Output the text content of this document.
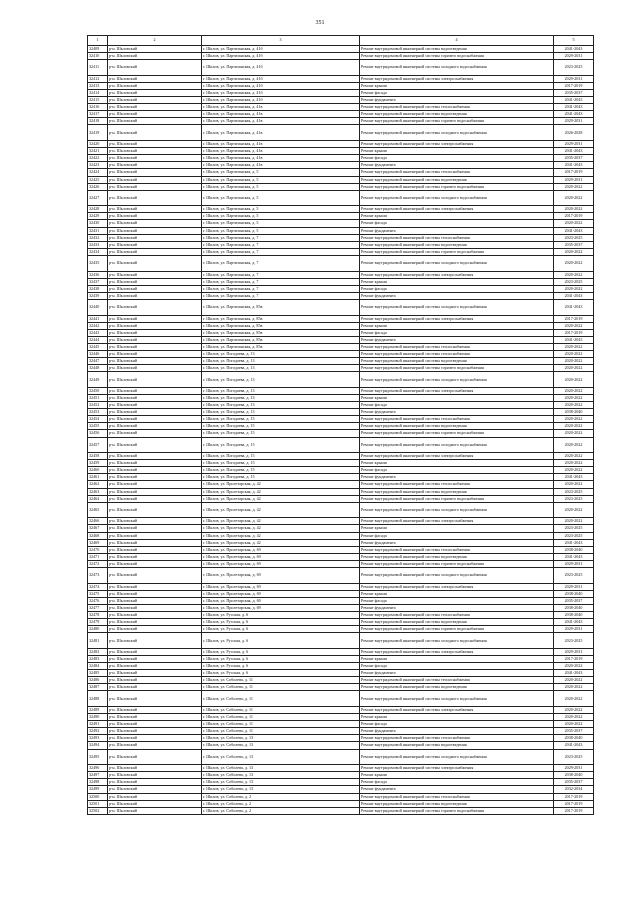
351
1	2	3	4	5
32409	р-н. Шкловский	г. Шклов, ул. Партизанская, д. 41б	Ремонт внутридомовой инженерной системы водоотведения	2041-2043
32410	р-н. Шкловский	г. Шклов, ул. Партизанская, д. 41б	Ремонт внутридомовой инженерной системы горячего водоснабжения	2029-2031
32411	р-н. Шкловский	г. Шклов, ул. Партизанская, д. 41б	Ремонт внутридомовой инженерной системы холодного водоснабжения	2023-2025
32412	р-н. Шкловский	г. Шклов, ул. Партизанская, д. 41б	Ремонт внутридомовой инженерной системы электроснабжения	2029-2031
32413	р-н. Шкловский	г. Шклов, ул. Партизанская, д. 41б	Ремонт крыши	2017-2019
32414	р-н. Шкловский	г. Шклов, ул. Партизанская, д. 41б	Ремонт фасада	2035-2037
32415	р-н. Шкловский	г. Шклов, ул. Партизанская, д. 41б	Ремонт фундамента	2041-2043
32416	р-н. Шкловский	г. Шклов, ул. Партизанская, д. 41в	Ремонт внутридомовой инженерной системы теплоснабжения	2041-2043
32417	р-н. Шкловский	г. Шклов, ул. Партизанская, д. 41в	Ремонт внутридомовой инженерной системы водоотведения	2041-2043
32418	р-н. Шкловский	г. Шклов, ул. Партизанская, д. 41в	Ремонт внутридомовой инженерной системы горячего водоснабжения	2029-2031
32419	р-н. Шкловский	г. Шклов, ул. Партизанская, д. 41в	Ремонт внутридомовой инженерной системы холодного водоснабжения	2026-2028
32420	р-н. Шкловский	г. Шклов, ул. Партизанская, д. 41в	Ремонт внутридомовой инженерной системы электроснабжения	2029-2031
32421	р-н. Шкловский	г. Шклов, ул. Партизанская, д. 41в	Ремонт крыши	2041-2043
32422	р-н. Шкловский	г. Шклов, ул. Партизанская, д. 41в	Ремонт фасада	2035-2037
32423	р-н. Шкловский	г. Шклов, ул. Партизанская, д. 41в	Ремонт фундамента	2041-2043
32424	р-н. Шкловский	г. Шклов, ул. Партизанская, д. 5	Ремонт внутридомовой инженерной системы теплоснабжения	2017-2019
32425	р-н. Шкловский	г. Шклов, ул. Партизанская, д. 5	Ремонт внутридомовой инженерной системы водоотведения	2029-2031
32426	р-н. Шкловский	г. Шклов, ул. Партизанская, д. 5	Ремонт внутридомовой инженерной системы горячего водоснабжения	2020-2022
32427	р-н. Шкловский	г. Шклов, ул. Партизанская, д. 5	Ремонт внутридомовой инженерной системы холодного водоснабжения	2020-2022
32428	р-н. Шкловский	г. Шклов, ул. Партизанская, д. 5	Ремонт внутридомовой инженерной системы электроснабжения	2020-2022
32429	р-н. Шкловский	г. Шклов, ул. Партизанская, д. 5	Ремонт крыши	2017-2019
32430	р-н. Шкловский	г. Шклов, ул. Партизанская, д. 5	Ремонт фасада	2020-2022
32431	р-н. Шкловский	г. Шклов, ул. Партизанская, д. 5	Ремонт фундамента	2041-2043
32432	р-н. Шкловский	г. Шклов, ул. Партизанская, д. 7	Ремонт внутридомовой инженерной системы теплоснабжения	2023-2025
32433	р-н. Шкловский	г. Шклов, ул. Партизанская, д. 7	Ремонт внутридомовой инженерной системы водоотведения	2035-2037
32434	р-н. Шкловский	г. Шклов, ул. Партизанская, д. 7	Ремонт внутридомовой инженерной системы горячего водоснабжения	2020-2022
32435	р-н. Шкловский	г. Шклов, ул. Партизанская, д. 7	Ремонт внутридомовой инженерной системы холодного водоснабжения	2020-2022
32436	р-н. Шкловский	г. Шклов, ул. Партизанская, д. 7	Ремонт внутридомовой инженерной системы электроснабжения	2020-2022
32437	р-н. Шкловский	г. Шклов, ул. Партизанская, д. 7	Ремонт крыши	2023-2025
32438	р-н. Шкловский	г. Шклов, ул. Партизанская, д. 7	Ремонт фасада	2020-2022
32439	р-н. Шкловский	г. Шклов, ул. Партизанская, д. 7	Ремонт фундамента	2041-2043
32440	р-н. Шкловский	г. Шклов, ул. Партизанская, д. 85в	Ремонт внутридомовой инженерной системы холодного водоснабжения	2041-2043
32441	р-н. Шкловский	г. Шклов, ул. Партизанская, д. 85в	Ремонт внутридомовой инженерной системы электроснабжения	2017-2019
32442	р-н. Шкловский	г. Шклов, ул. Партизанская, д. 85в	Ремонт крыши	2020-2022
32443	р-н. Шкловский	г. Шклов, ул. Партизанская, д. 85в	Ремонт фасада	2017-2019
32444	р-н. Шкловский	г. Шклов, ул. Партизанская, д. 85в	Ремонт фундамента	2041-2043
32445	р-н. Шкловский	г. Шклов, ул. Партизанская, д. 85в	Ремонт внутридомовой инженерной системы теплоснабжения	2020-2022
32446	р-н. Шкловский	г. Шклов, ул. Погодаева, д. 13	Ремонт внутридомовой инженерной системы теплоснабжения	2020-2022
32447	р-н. Шкловский	г. Шклов, ул. Погодаева, д. 13	Ремонт внутридомовой инженерной системы водоотведения	2020-2022
32448	р-н. Шкловский	г. Шклов, ул. Погодаева, д. 13	Ремонт внутридомовой инженерной системы горячего водоснабжения	2020-2022
32449	р-н. Шкловский	г. Шклов, ул. Погодаева, д. 13	Ремонт внутридомовой инженерной системы холодного водоснабжения	2020-2022
32450	р-н. Шкловский	г. Шклов, ул. Погодаева, д. 13	Ремонт внутридомовой инженерной системы электроснабжения	2020-2022
32451	р-н. Шкловский	г. Шклов, ул. Погодаева, д. 13	Ремонт крыши	2020-2022
32452	р-н. Шкловский	г. Шклов, ул. Погодаева, д. 13	Ремонт фасада	2020-2022
32453	р-н. Шкловский	г. Шклов, ул. Погодаева, д. 13	Ремонт фундамента	2038-2040
32454	р-н. Шкловский	г. Шклов, ул. Погодаева, д. 15	Ремонт внутридомовой инженерной системы теплоснабжения	2020-2022
32455	р-н. Шкловский	г. Шклов, ул. Погодаева, д. 15	Ремонт внутридомовой инженерной системы водоотведения	2020-2022
32456	р-н. Шкловский	г. Шклов, ул. Погодаева, д. 15	Ремонт внутридомовой инженерной системы горячего водоснабжения	2020-2022
32457	р-н. Шкловский	г. Шклов, ул. Погодаева, д. 15	Ремонт внутридомовой инженерной системы холодного водоснабжения	2020-2022
32458	р-н. Шкловский	г. Шклов, ул. Погодаева, д. 15	Ремонт внутридомовой инженерной системы электроснабжения	2020-2022
32459	р-н. Шкловский	г. Шклов, ул. Погодаева, д. 15	Ремонт крыши	2020-2022
32460	р-н. Шкловский	г. Шклов, ул. Погодаева, д. 15	Ремонт фасада	2020-2022
32461	р-н. Шкловский	г. Шклов, ул. Погодаева, д. 15	Ремонт фундамента	2041-2043
32462	р-н. Шкловский	г. Шклов, ул. Пролетарская, д. 42	Ремонт внутридомовой инженерной системы теплоснабжения	2020-2022
32463	р-н. Шкловский	г. Шклов, ул. Пролетарская, д. 42	Ремонт внутридомовой инженерной системы водоотведения	2023-2025
32464	р-н. Шкловский	г. Шклов, ул. Пролетарская, д. 42	Ремонт внутридомовой инженерной системы горячего водоснабжения	2023-2025
32465	р-н. Шкловский	г. Шклов, ул. Пролетарская, д. 42	Ремонт внутридомовой инженерной системы холодного водоснабжения	2020-2022
32466	р-н. Шкловский	г. Шклов, ул. Пролетарская, д. 42	Ремонт внутридомовой инженерной системы электроснабжения	2020-2022
32467	р-н. Шкловский	г. Шклов, ул. Пролетарская, д. 42	Ремонт крыши	2023-2025
32468	р-н. Шкловский	г. Шклов, ул. Пролетарская, д. 42	Ремонт фасада	2023-2025
32469	р-н. Шкловский	г. Шклов, ул. Пролетарская, д. 42	Ремонт фундамента	2041-2043
32470	р-н. Шкловский	г. Шклов, ул. Пролетарская, д. 69	Ремонт внутридомовой инженерной системы теплоснабжения	2038-2040
32471	р-н. Шкловский	г. Шклов, ул. Пролетарская, д. 69	Ремонт внутридомовой инженерной системы водоотведения	2041-2043
32472	р-н. Шкловский	г. Шклов, ул. Пролетарская, д. 69	Ремонт внутридомовой инженерной системы горячего водоснабжения	2029-2031
32473	р-н. Шкловский	г. Шклов, ул. Пролетарская, д. 69	Ремонт внутридомовой инженерной системы холодного водоснабжения	2023-2025
32474	р-н. Шкловский	г. Шклов, ул. Пролетарская, д. 69	Ремонт внутридомовой инженерной системы электроснабжения	2029-2031
32475	р-н. Шкловский	г. Шклов, ул. Пролетарская, д. 69	Ремонт крыши	2038-2040
32476	р-н. Шкловский	г. Шклов, ул. Пролетарская, д. 69	Ремонт фасада	2035-2037
32477	р-н. Шкловский	г. Шклов, ул. Пролетарская, д. 69	Ремонт фундамента	2038-2040
32478	р-н. Шкловский	г. Шклов, ул. Русская, д. 6	Ремонт внутридомовой инженерной системы теплоснабжения	2038-2040
32479	р-н. Шкловский	г. Шклов, ул. Русская, д. 6	Ремонт внутридомовой инженерной системы водоотведения	2041-2043
32480	р-н. Шкловский	г. Шклов, ул. Русская, д. 6	Ремонт внутридомовой инженерной системы горячего водоснабжения	2029-2031
32481	р-н. Шкловский	г. Шклов, ул. Русская, д. 6	Ремонт внутридомовой инженерной системы холодного водоснабжения	2023-2025
32482	р-н. Шкловский	г. Шклов, ул. Русская, д. 6	Ремонт внутридомовой инженерной системы электроснабжения	2029-2031
32483	р-н. Шкловский	г. Шклов, ул. Русская, д. 6	Ремонт крыши	2017-2019
32484	р-н. Шкловский	г. Шклов, ул. Русская, д. 6	Ремонт фасада	2020-2022
32485	р-н. Шкловский	г. Шклов, ул. Русская, д. 6	Ремонт фундамента	2041-2043
32486	р-н. Шкловский	г. Шклов, ул. Соболева, д. 11	Ремонт внутридомовой инженерной системы теплоснабжения	2020-2022
32487	р-н. Шкловский	г. Шклов, ул. Соболева, д. 11	Ремонт внутридомовой инженерной системы водоотведения	2020-2022
32488	р-н. Шкловский	г. Шклов, ул. Соболева, д. 11	Ремонт внутридомовой инженерной системы холодного водоснабжения	2020-2022
32489	р-н. Шкловский	г. Шклов, ул. Соболева, д. 11	Ремонт внутридомовой инженерной системы электроснабжения	2020-2022
32490	р-н. Шкловский	г. Шклов, ул. Соболева, д. 11	Ремонт крыши	2020-2022
32491	р-н. Шкловский	г. Шклов, ул. Соболева, д. 11	Ремонт фасада	2020-2022
32492	р-н. Шкловский	г. Шклов, ул. Соболева, д. 11	Ремонт фундамента	2035-2037
32493	р-н. Шкловский	г. Шклов, ул. Соболева, д. 13	Ремонт внутридомовой инженерной системы теплоснабжения	2038-2040
32494	р-н. Шкловский	г. Шклов, ул. Соболева, д. 13	Ремонт внутридомовой инженерной системы водоотведения	2041-2043
32495	р-н. Шкловский	г. Шклов, ул. Соболева, д. 13	Ремонт внутридомовой инженерной системы холодного водоснабжения	2023-2025
32496	р-н. Шкловский	г. Шклов, ул. Соболева, д. 13	Ремонт внутридомовой инженерной системы электроснабжения	2029-2031
32497	р-н. Шкловский	г. Шклов, ул. Соболева, д. 13	Ремонт крыши	2038-2040
32498	р-н. Шкловский	г. Шклов, ул. Соболева, д. 13	Ремонт фасада	2035-2037
32499	р-н. Шкловский	г. Шклов, ул. Соболева, д. 13	Ремонт фундамента	2032-2034
32500	р-н. Шкловский	г. Шклов, ул. Соболева, д. 2	Ремонт внутридомовой инженерной системы теплоснабжения	2017-2019
32501	р-н. Шкловский	г. Шклов, ул. Соболева, д. 2	Ремонт внутридомовой инженерной системы водоотведения	2017-2019
32502	р-н. Шкловский	г. Шклов, ул. Соболева, д. 2	Ремонт внутридомовой инженерной системы горячего водоснабжения	2017-2019
